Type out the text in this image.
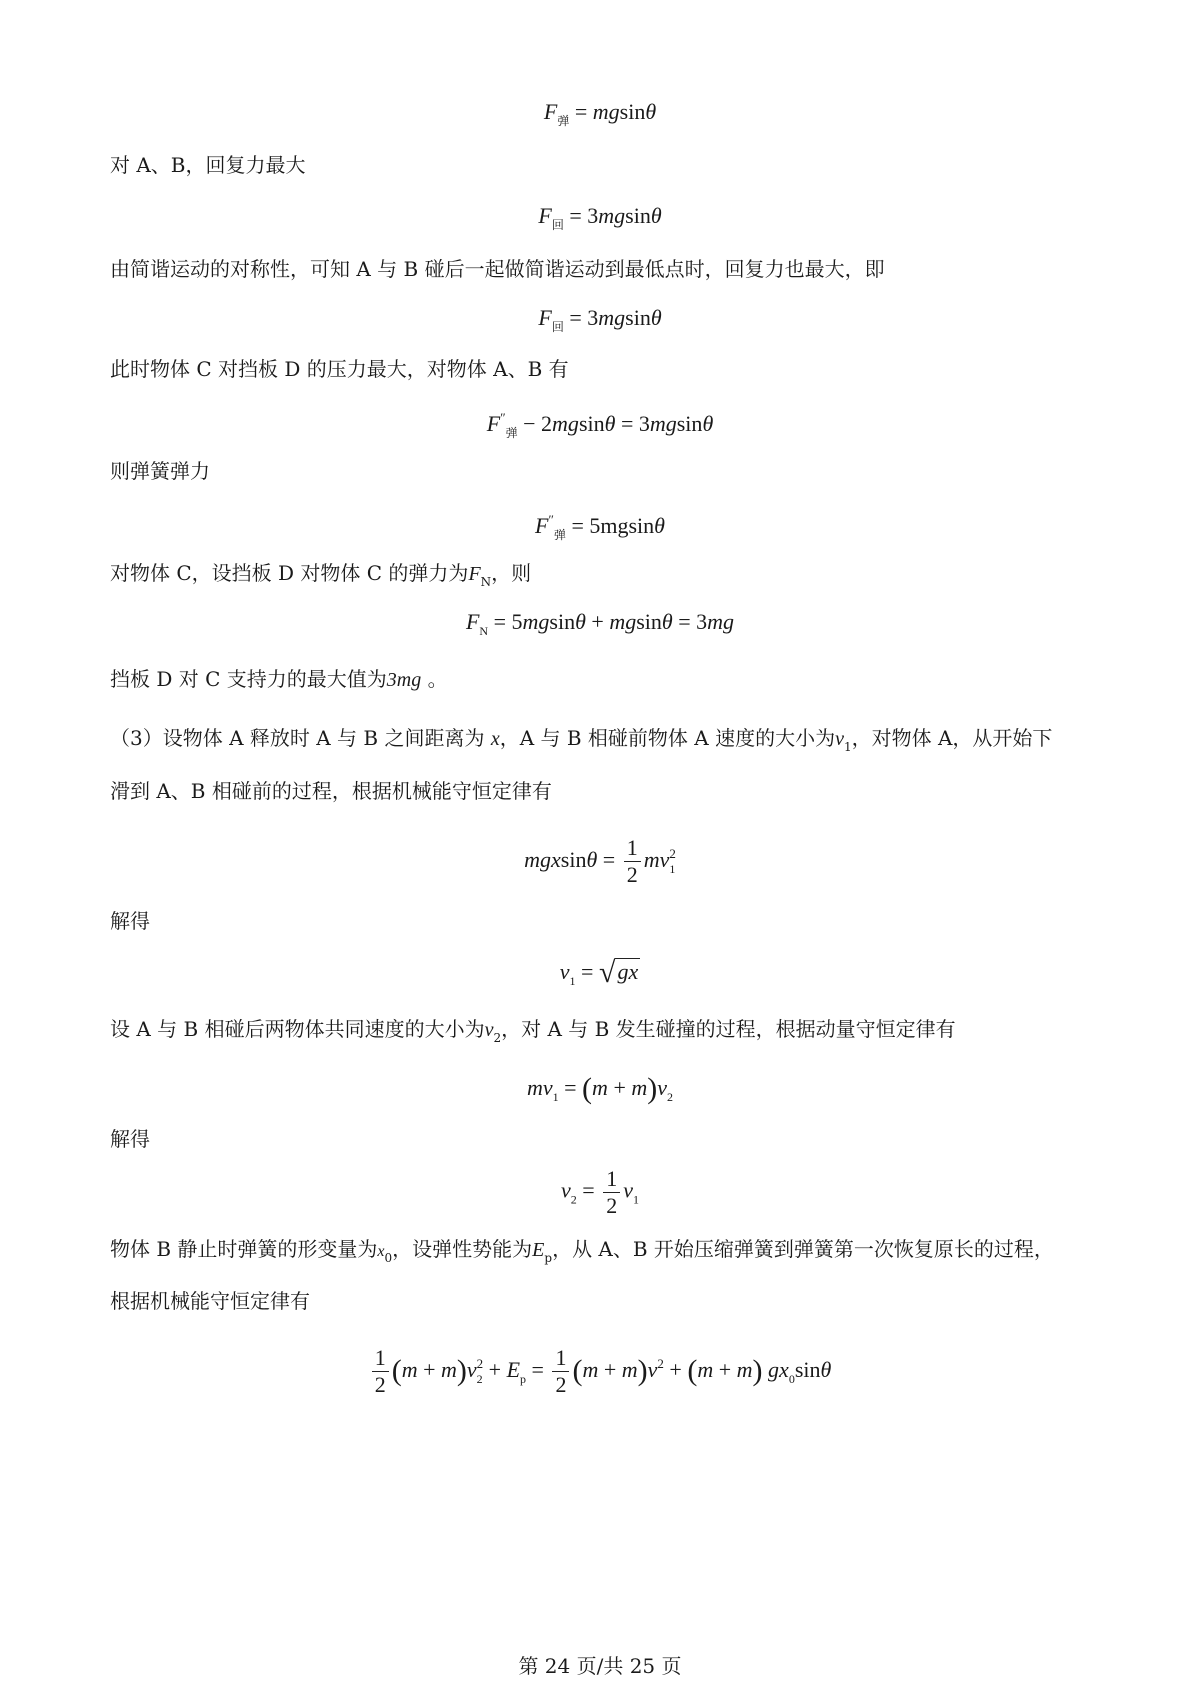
$F_弹 = mgsin\theta$
对 A、B，回复力最大
$F_回 = 3mgsin\theta$
由简谐运动的对称性，可知 A 与 B 碰后一起做简谐运动到最低点时，回复力也最大，即
$F_回 = 3mgsin\theta$
此时物体 C 对挡板 D 的压力最大，对物体 A、B 有
$F''_弹 - 2mgsin\theta = 3mgsin\theta$
则弹簧弹力
$F''_弹 = 5mgsin\theta$
对物体 C，设挡板 D 对物体 C 的弹力为$F_N$，则
$F_N = 5mgsin\theta + mgsin\theta = 3mg$
挡板 D 对 C 支持力的最大值为3mg 。
（3）设物体 A 释放时 A 与 B 之间距离为 x，A 与 B 相碰前物体 A 速度的大小为$v_1$，对物体 A，从开始下
滑到 A、B 相碰前的过程，根据机械能守恒定律有
$mgxsin\theta = \frac{1}{2} mv_1^2$
解得
$v_1 = √gx$
设 A 与 B 相碰后两物体共同速度的大小为$v_2$，对 A 与 B 发生碰撞的过程，根据动量守恒定律有
$mv_1 = (m + m)v_2$
解得
$v_2 = \frac{1}{2} v_1$
物体 B 静止时弹簧的形变量为$x_0$，设弹性势能为$E_p$，从 A、B 开始压缩弹簧到弹簧第一次恢复原长的过程，
根据机械能守恒定律有
$\frac{1}{2} (m + m)v_2^2 + E_p = \frac{1}{2} (m + m)v^2 + (m + m)$ $gx_0\sin\theta$
第 24 页/共 25 页
